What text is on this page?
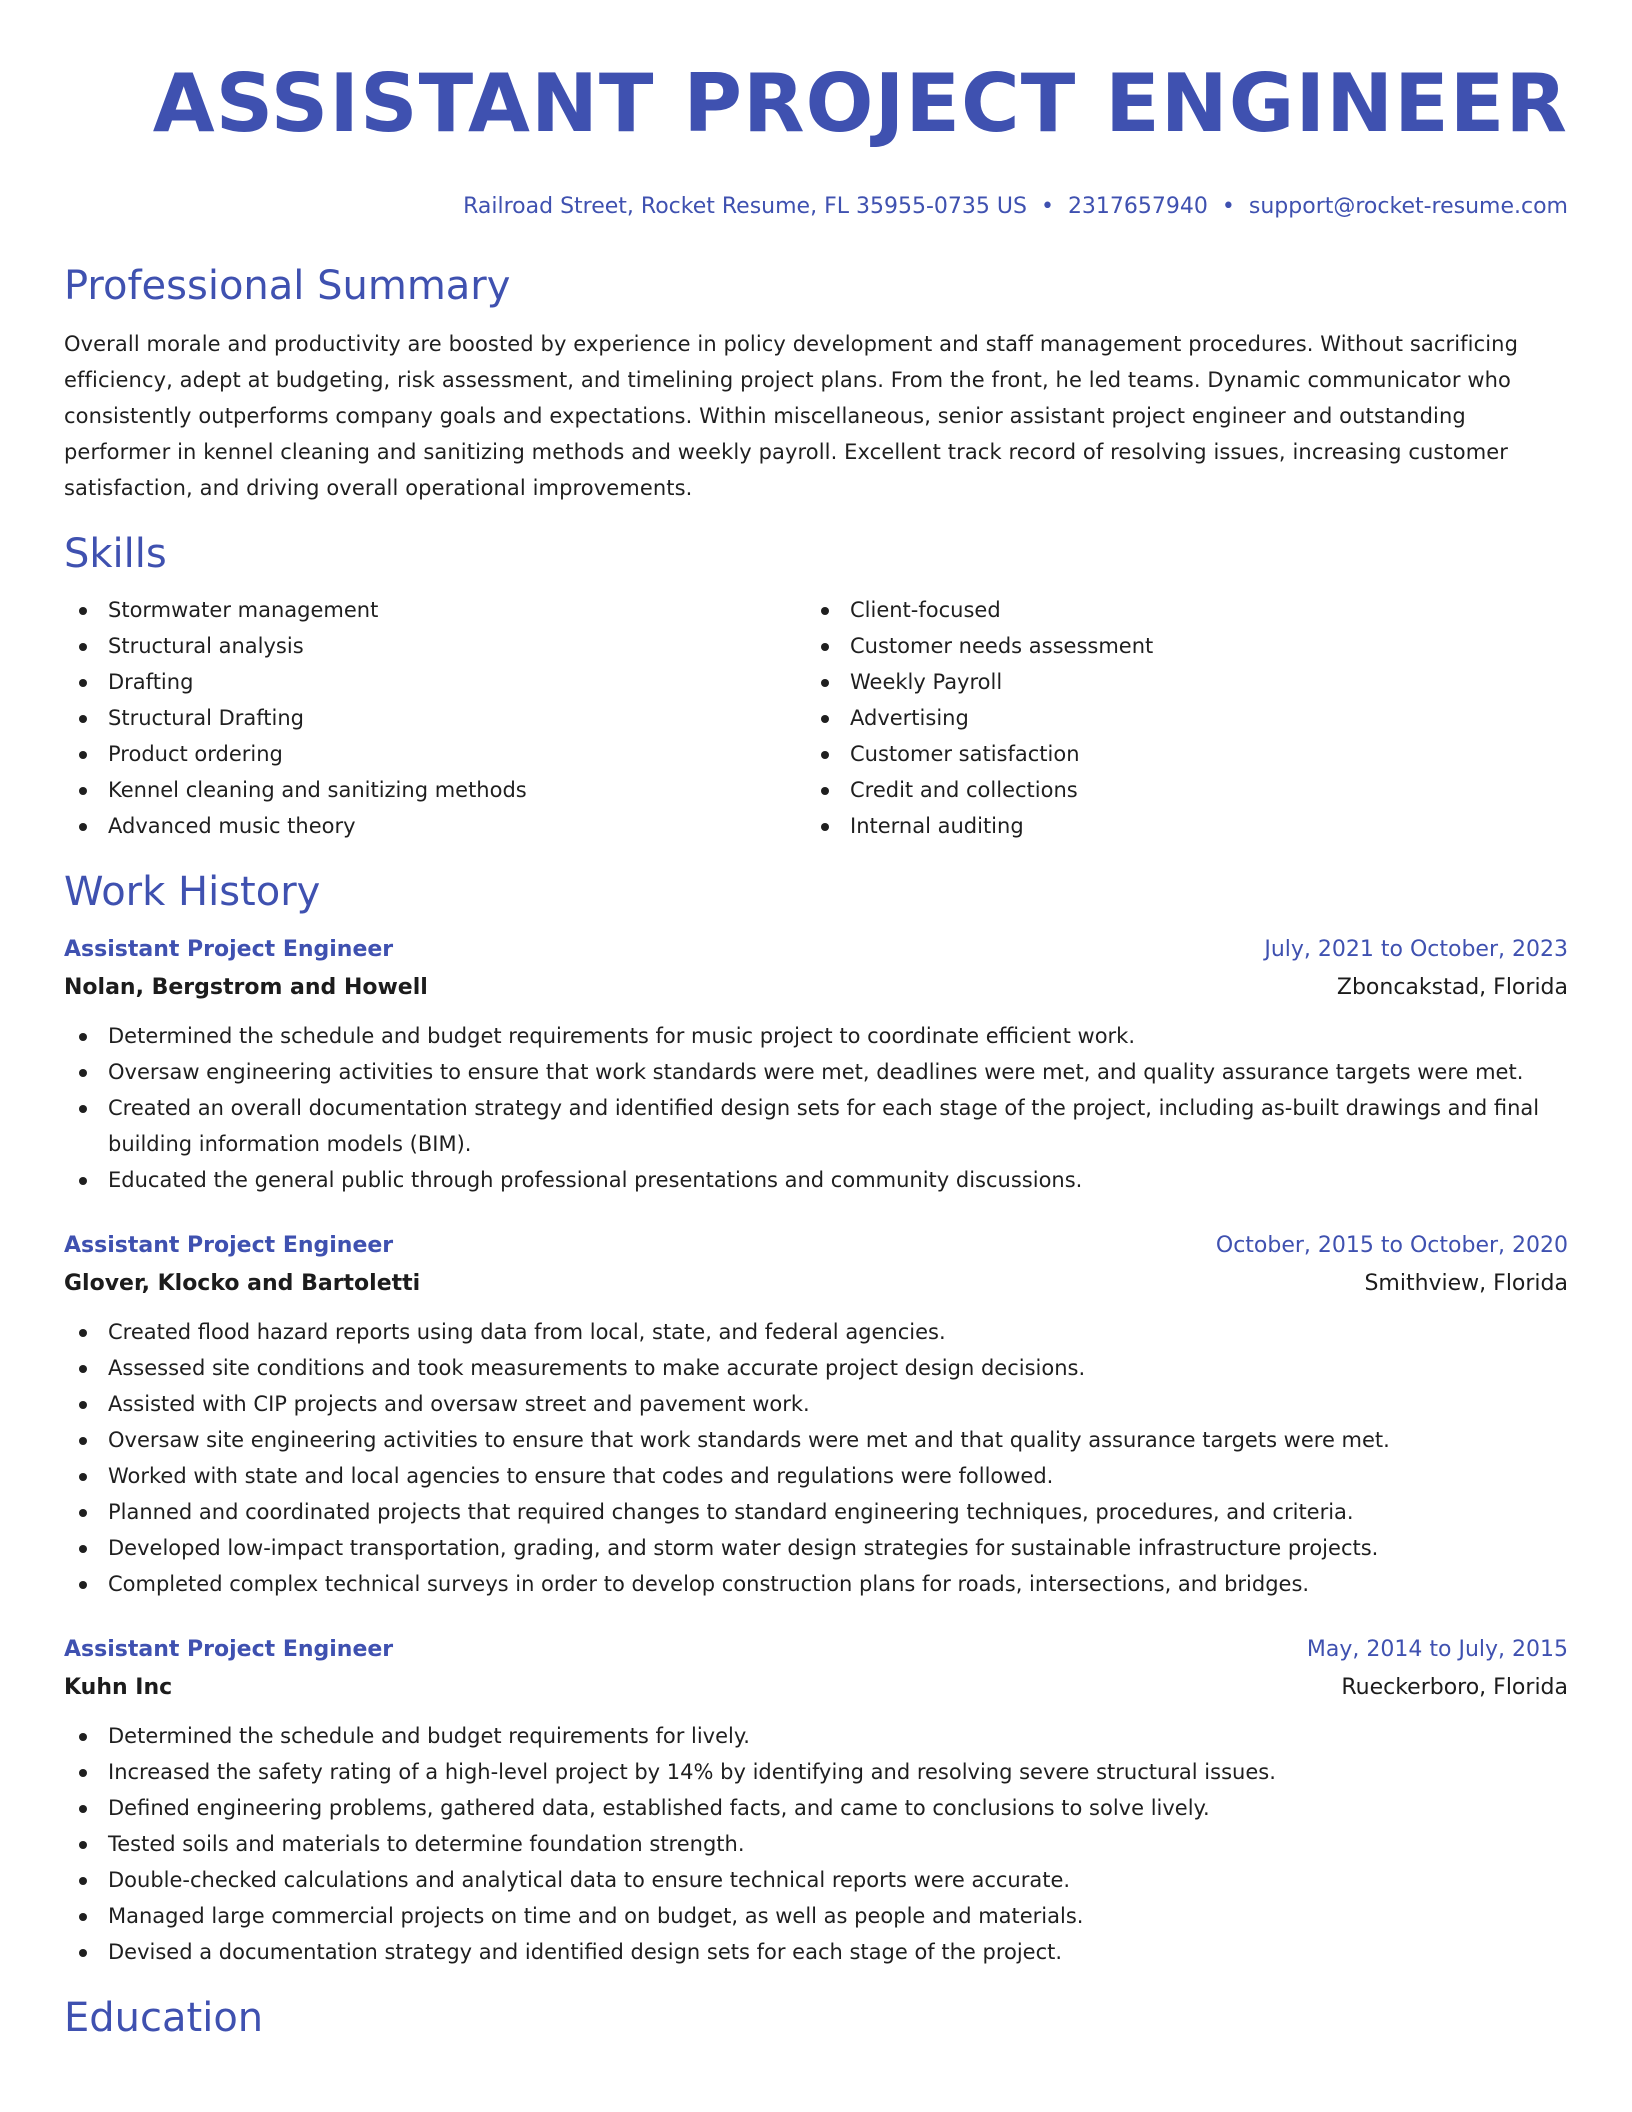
ASSISTANT PROJECT ENGINEER
Railroad Street, Rocket Resume, FL 35955-0735 US • 2317657940 • support@rocket-resume.com
Professional Summary

Overall morale and productivity are boosted by experience in policy development and staff management procedures. Without sacrificing efficiency, adept at budgeting, risk assessment, and timelining project plans. From the front, he led teams. Dynamic communicator who consistently outperforms company goals and expectations. Within miscellaneous, senior assistant project engineer and outstanding performer in kennel cleaning and sanitizing methods and weekly payroll. Excellent track record of resolving issues, increasing customer satisfaction, and driving overall operational improvements.

Skills
Stormwater management
Structural analysis
Drafting
Structural Drafting
Product ordering
Kennel cleaning and sanitizing methods
Advanced music theory
Client-focused
Customer needs assessment
Weekly Payroll
Advertising
Customer satisfaction
Credit and collections
Internal auditing
Work History
Assistant Project Engineer	July, 2021 to October, 2023
Nolan, Bergstrom and Howell	Zboncakstad, Florida
Determined the schedule and budget requirements for music project to coordinate efficient work.
Oversaw engineering activities to ensure that work standards were met, deadlines were met, and quality assurance targets were met.
Created an overall documentation strategy and identified design sets for each stage of the project, including as-built drawings and final building information models (BIM).
Educated the general public through professional presentations and community discussions.
Assistant Project Engineer	October, 2015 to October, 2020
Glover, Klocko and Bartoletti	Smithview, Florida
Created flood hazard reports using data from local, state, and federal agencies.
Assessed site conditions and took measurements to make accurate project design decisions.
Assisted with CIP projects and oversaw street and pavement work.
Oversaw site engineering activities to ensure that work standards were met and that quality assurance targets were met.
Worked with state and local agencies to ensure that codes and regulations were followed.
Planned and coordinated projects that required changes to standard engineering techniques, procedures, and criteria.
Developed low-impact transportation, grading, and storm water design strategies for sustainable infrastructure projects.
Completed complex technical surveys in order to develop construction plans for roads, intersections, and bridges.
Assistant Project Engineer	May, 2014 to July, 2015
Kuhn Inc	Rueckerboro, Florida
Determined the schedule and budget requirements for lively.
Increased the safety rating of a high-level project by 14% by identifying and resolving severe structural issues.
Defined engineering problems, gathered data, established facts, and came to conclusions to solve lively.
Tested soils and materials to determine foundation strength.
Double-checked calculations and analytical data to ensure technical reports were accurate.
Managed large commercial projects on time and on budget, as well as people and materials.
Devised a documentation strategy and identified design sets for each stage of the project.
Education
